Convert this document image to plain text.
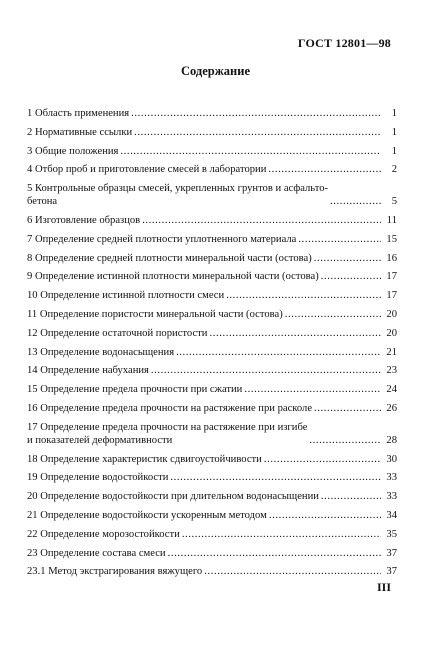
ГОСТ 12801—98
Содержание
1 Область применения .....	1
2 Нормативные ссылки .....	1
3 Общие положения .....	1
4 Отбор проб и приготовление смесей в лаборатории .....	2
5 Контрольные образцы смесей, укрепленных грунтов и асфальто-
бетона .....	5
6 Изготовление образцов .....	11
7 Определение средней плотности уплотненного материала .....	15
8 Определение средней плотности минеральной части (остова) .....	16
9 Определение истинной плотности минеральной части (остова) .....	17
10 Определение истинной плотности смеси .....	17
11 Определение пористости минеральной части (остова) .....	20
12 Определение остаточной пористости .....	20
13 Определение водонасыщения .....	21
14 Определение набухания .....	23
15 Определение предела прочности при сжатии .....	24
16 Определение предела прочности на растяжение при расколе .....	26
17 Определение предела прочности на растяжение при изгибе
и показателей деформативности .....	28
18 Определение характеристик сдвигоустойчивости .....	30
19 Определение водостойкости .....	33
20 Определение водостойкости при длительном водонасыщении .....	33
21 Определение водостойкости ускоренным методом .....	34
22 Определение морозостойкости .....	35
23 Определение состава смеси .....	37
23.1 Метод экстрагирования вяжущего .....	37
III
